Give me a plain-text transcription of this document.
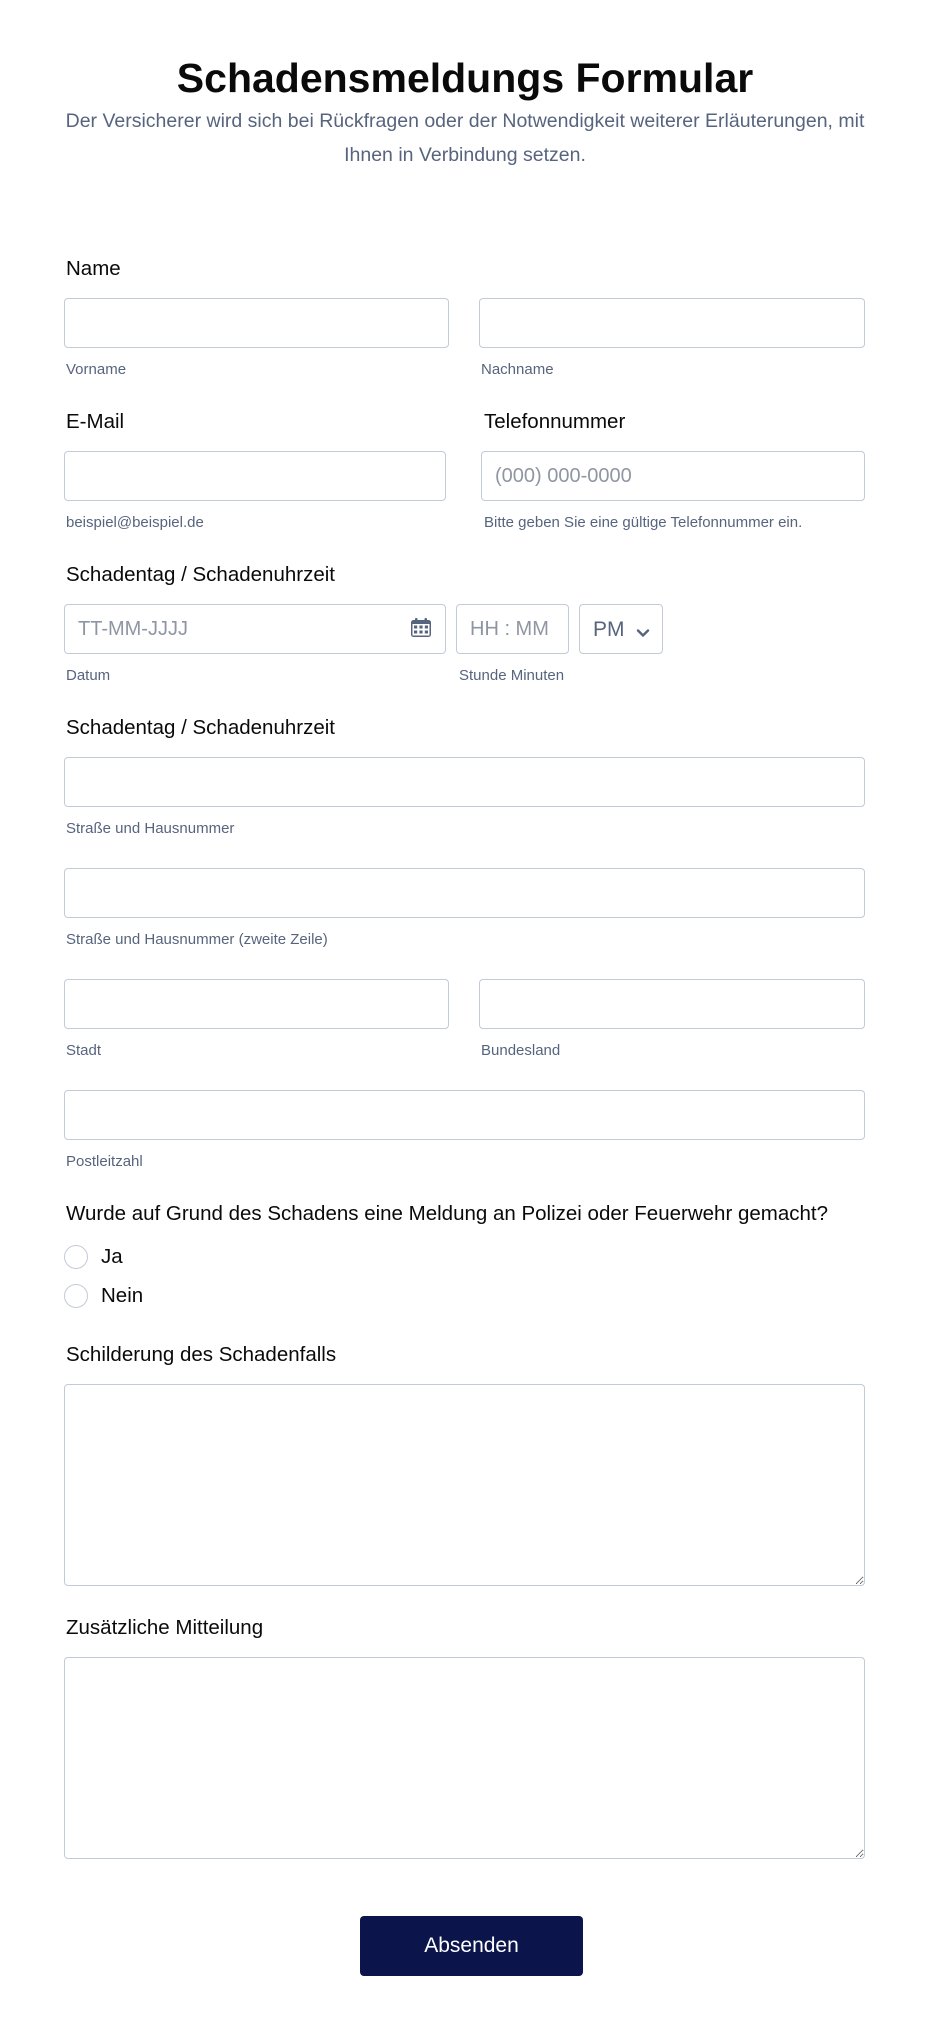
Schadensmeldungs Formular
Der Versicherer wird sich bei Rückfragen oder der Notwendigkeit weiterer Erläuterungen, mit Ihnen in Verbindung setzen.
Name
Vorname	Nachname
E-Mail	Telefonnummer
(000) 000-0000
beispiel@beispiel.de	Bitte geben Sie eine gültige Telefonnummer ein.
Schadentag / Schadenuhrzeit
TT-MM-JJJJ
HH : MM
PM
Datum	Stunde Minuten
Schadentag / Schadenuhrzeit
Straße und Hausnummer
Straße und Hausnummer (zweite Zeile)
Stadt	Bundesland
Postleitzahl
Wurde auf Grund des Schadens eine Meldung an Polizei oder Feuerwehr gemacht?
Ja
Nein
Schilderung des Schadenfalls
Zusätzliche Mitteilung
Absenden
